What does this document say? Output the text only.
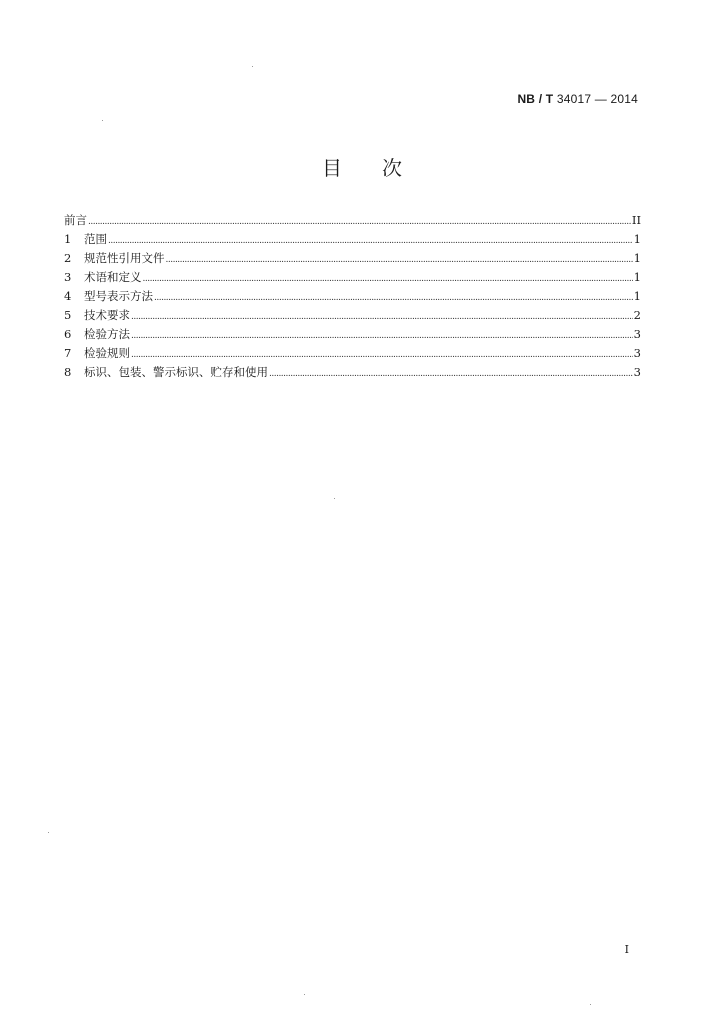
NB / T 34017 — 2014
目 次
前言 .....	II
1	范围 .....	1
2	规范性引用文件 .....	1
3	术语和定义 .....	1
4	型号表示方法 .....	1
5	技术要求 .....	2
6	检验方法 .....	3
7	检验规则 .....	3
8	标识、包装、警示标识、贮存和使用 .....	3
I
